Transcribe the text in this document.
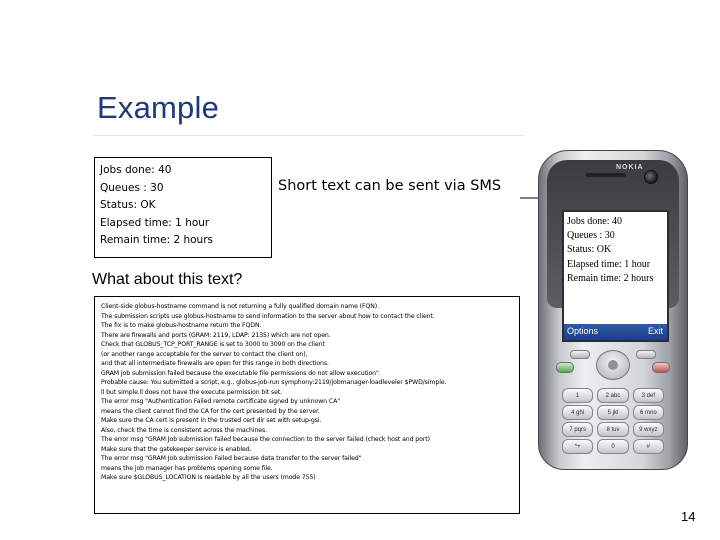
Example
Jobs done: 40
Queues : 30
Status: OK
Elapsed time: 1 hour
Remain time: 2 hours
Short text can be sent via SMS
What about this text?
Client-side globus-hostname command is not returning a fully qualified domain name (FQN).
The submission scripts use globus-hostname to send information to the server about how to contact the client.
The fix is to make globus-hostname return the FQDN.
There are firewalls and ports (GRAM: 2119, LDAP: 2135) which are not open.
Check that GLOBUS_TCP_PORT_RANGE is set to 3000 to 3090 on the client
(or another range acceptable for the server to contact the client on),
and that all intermediate firewalls are open for this range in both directions.
GRAM Job submission failed because the executable file permissions do not allow execution".
Probable cause: You submitted a script, e.g., globus-job-run symphony:2119/jobmanager-loadleveler $PWD/simple.
ll but simple.ll does not have the execute permission bit set.
The error msg "Authentication Failed remote certificate signed by unknown CA"
means the client cannot find the CA for the cert presented by the server.
Make sure the CA cert is present in the trusted cert dir set with setup-gsi.
Also, check the time is consistent across the machines.
The error msg "GRAM Job submission failed because the connection to the server failed (check host and port)
Make sure that the gatekeeper service is enabled.
The error msg "GRAM Job submission Failed because data transfer to the server failed"
means the job manager has problems opening some file.
Make sure $GLOBUS_LOCATION is readable by all the users (mode 755)
NOKIA
Jobs done: 40
Queues : 30
Status: OK
Elapsed time: 1 hour
Remain time: 2 hours
Options	Exit
1	2 abc	3 def
4 ghi	5 jkl	6 mno
7 pqrs	8 tuv	9 wxyz
*+	0	#
14
